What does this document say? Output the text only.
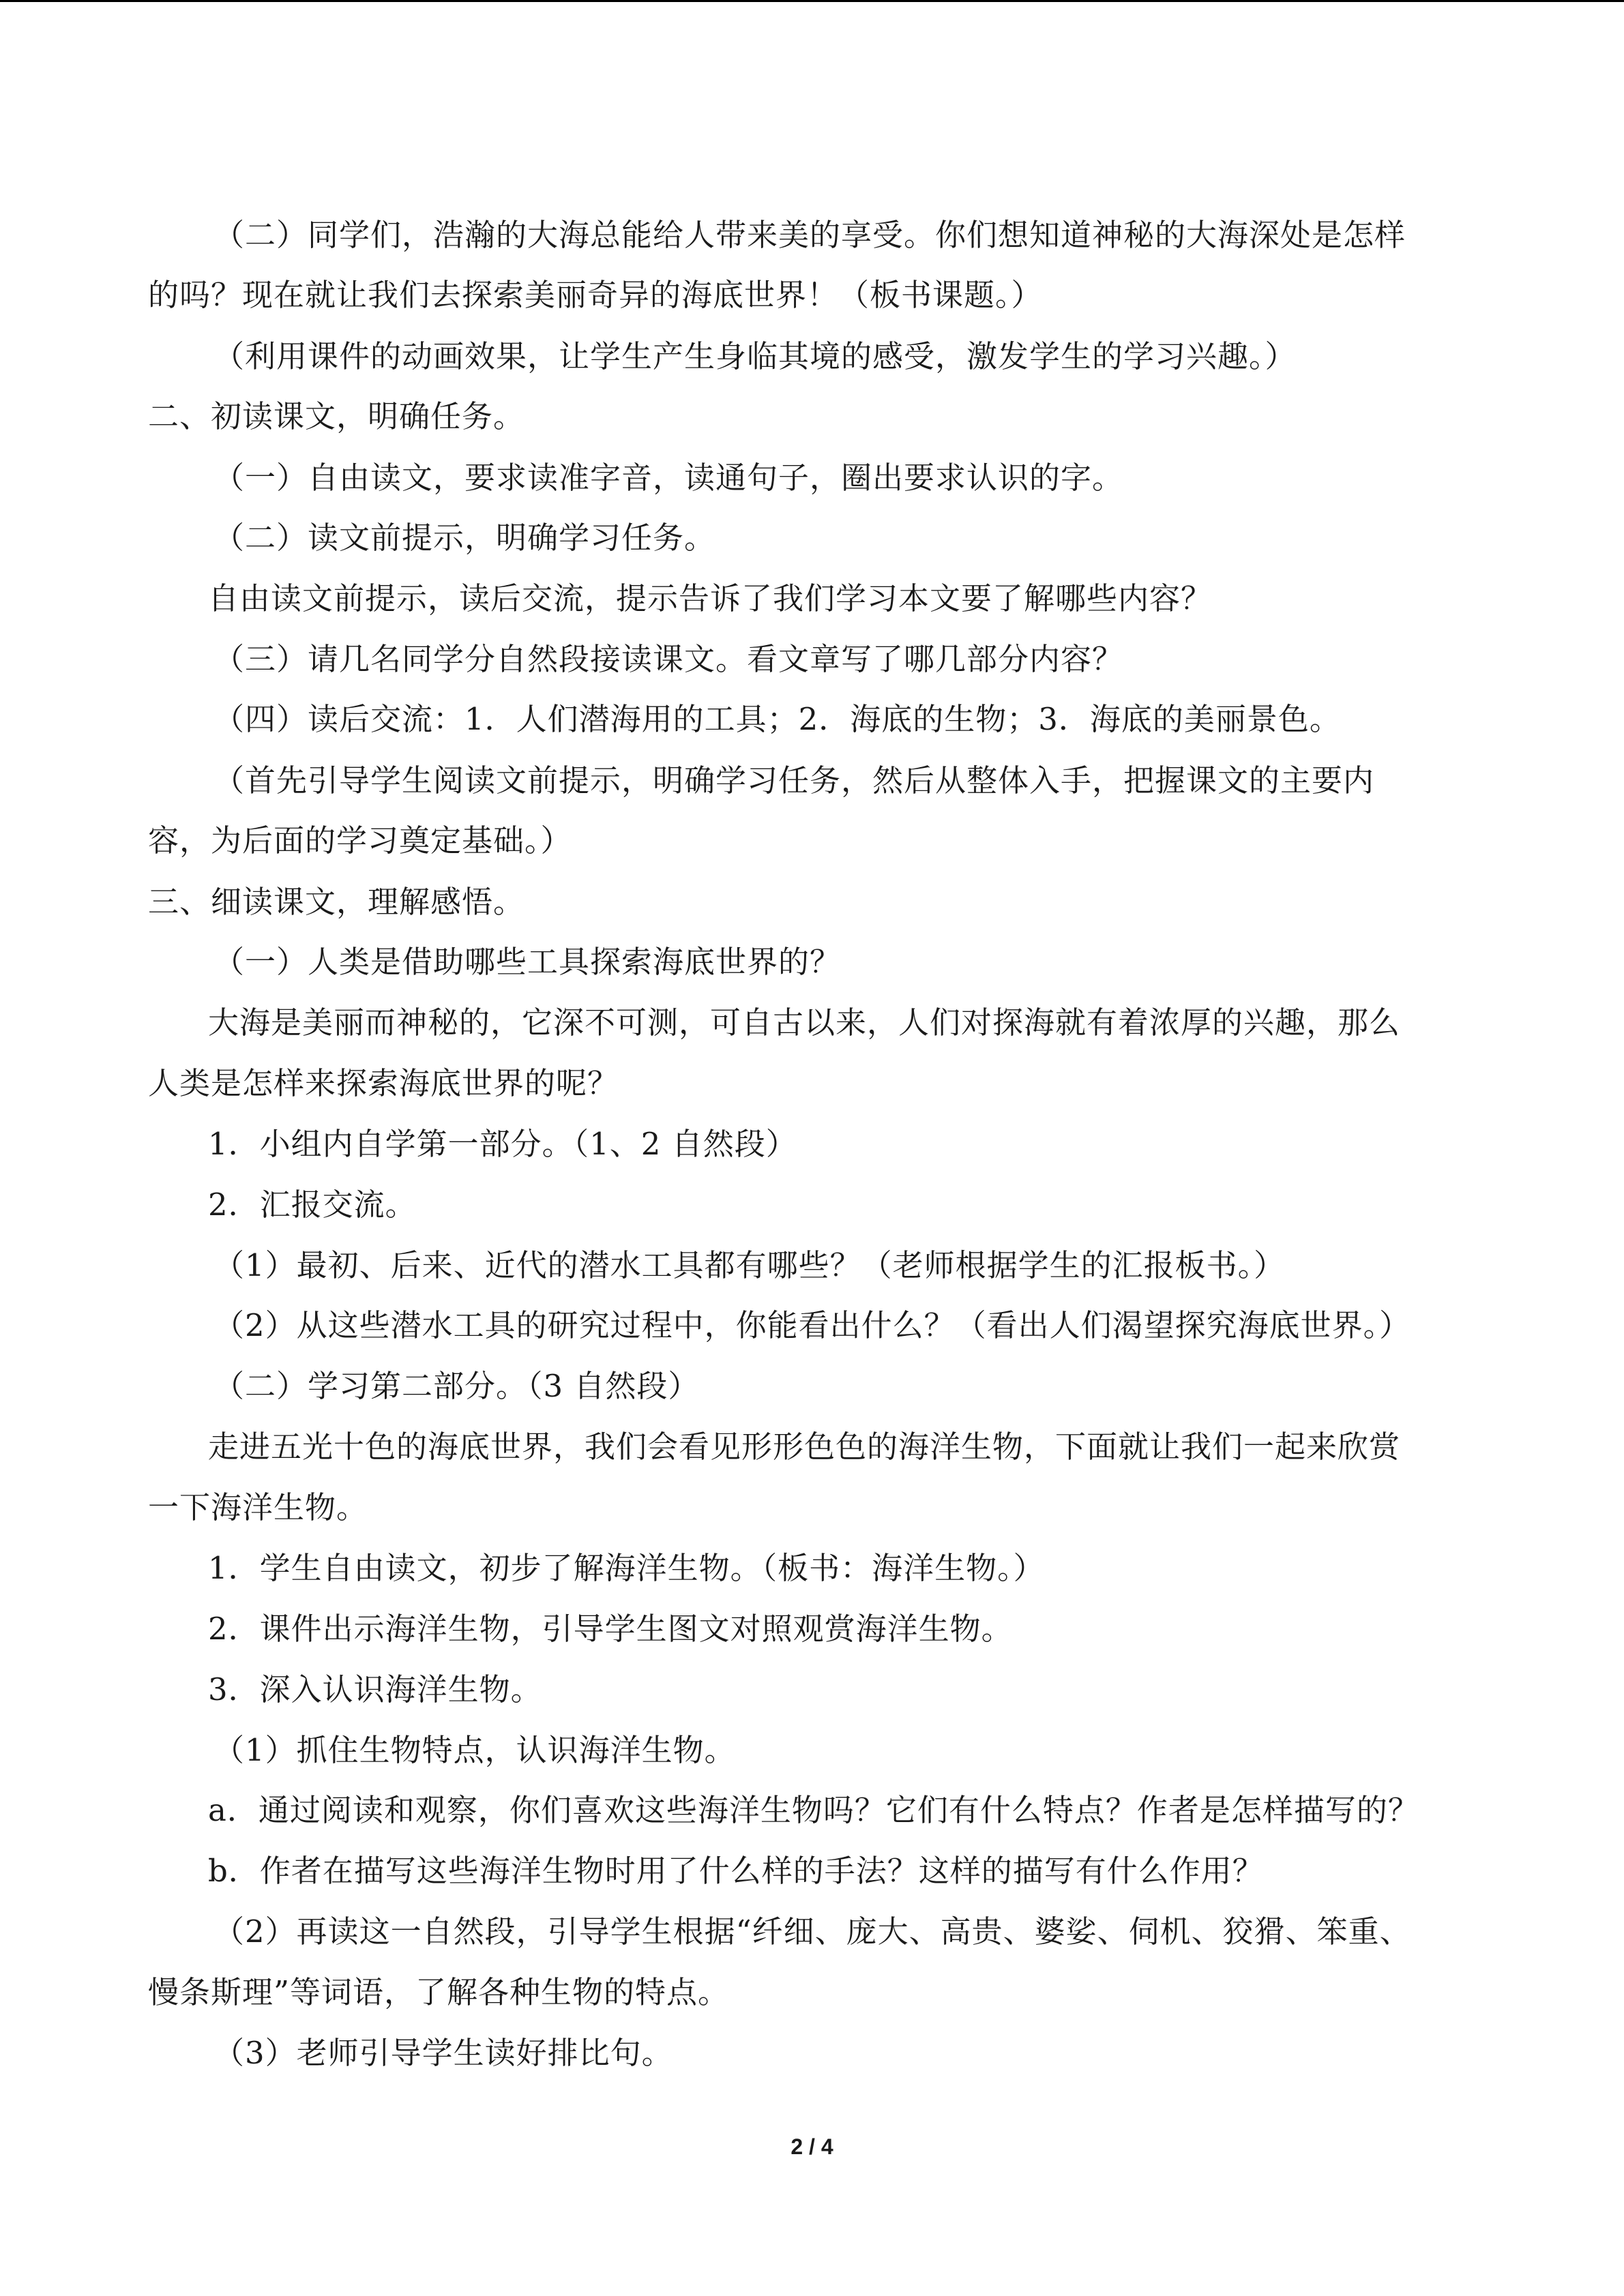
（二）同学们，浩瀚的大海总能给人带来美的享受。你们想知道神秘的大海深处是怎样
的吗？现在就让我们去探索美丽奇异的海底世界！（板书课题。）
（利用课件的动画效果，让学生产生身临其境的感受，激发学生的学习兴趣。）
二、初读课文，明确任务。
（一）自由读文，要求读准字音，读通句子，圈出要求认识的字。
（二）读文前提示，明确学习任务。
自由读文前提示，读后交流，提示告诉了我们学习本文要了解哪些内容？
（三）请几名同学分自然段接读课文。看文章写了哪几部分内容？
（四）读后交流：1．人们潜海用的工具；2．海底的生物；3．海底的美丽景色。
（首先引导学生阅读文前提示，明确学习任务，然后从整体入手，把握课文的主要内
容，为后面的学习奠定基础。）
三、细读课文，理解感悟。
（一）人类是借助哪些工具探索海底世界的？
大海是美丽而神秘的，它深不可测，可自古以来，人们对探海就有着浓厚的兴趣，那么
人类是怎样来探索海底世界的呢？
1．小组内自学第一部分。（1、2 自然段）
2．汇报交流。
（1）最初、后来、近代的潜水工具都有哪些？（老师根据学生的汇报板书。）
（2）从这些潜水工具的研究过程中，你能看出什么？（看出人们渴望探究海底世界。）
（二）学习第二部分。（3 自然段）
走进五光十色的海底世界，我们会看见形形色色的海洋生物，下面就让我们一起来欣赏
一下海洋生物。
1．学生自由读文，初步了解海洋生物。（板书：海洋生物。）
2．课件出示海洋生物，引导学生图文对照观赏海洋生物。
3．深入认识海洋生物。
（1）抓住生物特点，认识海洋生物。
a．通过阅读和观察，你们喜欢这些海洋生物吗？它们有什么特点？作者是怎样描写的？
b．作者在描写这些海洋生物时用了什么样的手法？这样的描写有什么作用？
（2）再读这一自然段，引导学生根据“纤细、庞大、高贵、婆娑、伺机、狡猾、笨重、
慢条斯理”等词语，了解各种生物的特点。
（3）老师引导学生读好排比句。
2 / 4
